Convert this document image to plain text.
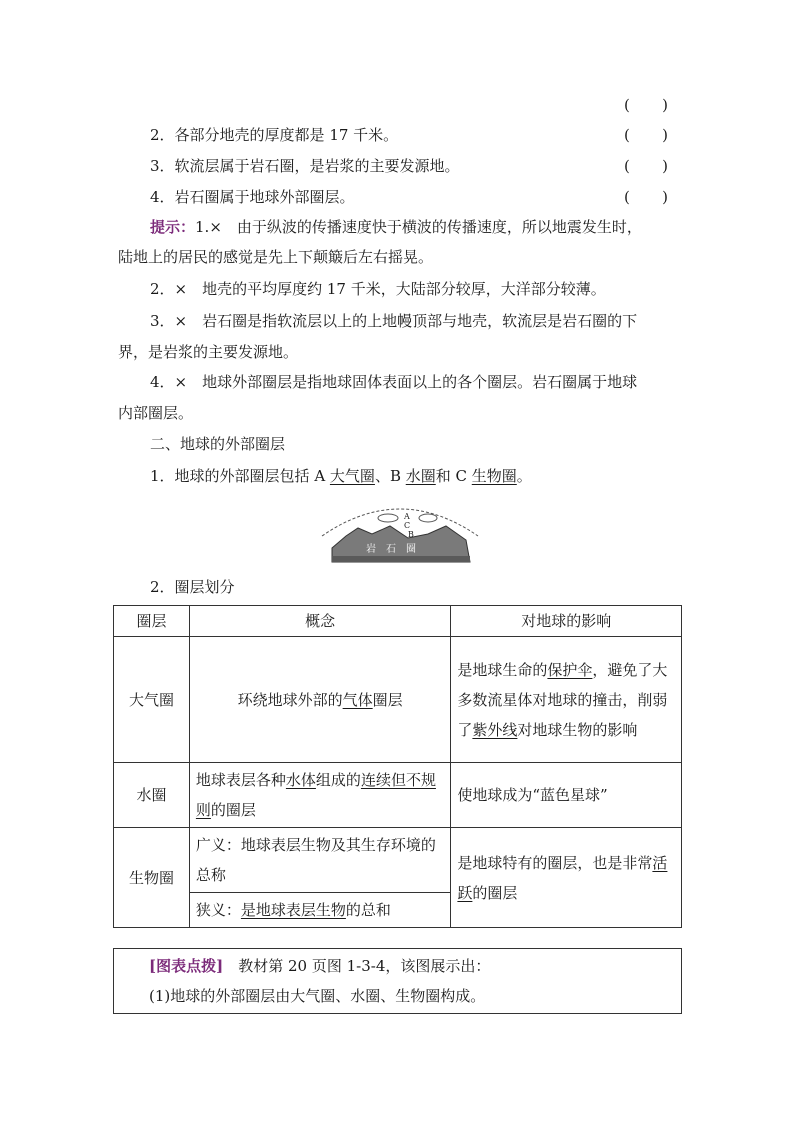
( )
2．各部分地壳的厚度都是 17 千米。	( )
3．软流层属于岩石圈，是岩浆的主要发源地。	( )
4．岩石圈属于地球外部圈层。	( )
提示：1.×　由于纵波的传播速度快于横波的传播速度，所以地震发生时，
陆地上的居民的感觉是先上下颠簸后左右摇晃。
2．×　地壳的平均厚度约 17 千米，大陆部分较厚，大洋部分较薄。
3．×　岩石圈是指软流层以上的上地幔顶部与地壳，软流层是岩石圈的下
界，是岩浆的主要发源地。
4．×　地球外部圈层是指地球固体表面以上的各个圈层。岩石圈属于地球
内部圈层。
二、地球的外部圈层
1．地球的外部圈层包括 A 大气圈、B 水圈和 C 生物圈。
A
C
B
岩　石　圈
2．圈层划分
圈层	概念	对地球的影响
大气圈	环绕地球外部的气体圈层	是地球生命的保护伞，避免了大多数流星体对地球的撞击，削弱了紫外线对地球生物的影响
水圈	地球表层各种水体组成的连续但不规则的圈层	使地球成为“蓝色星球”
生物圈	广义：地球表层生物及其生存环境的总称	是地球特有的圈层，也是非常活跃的圈层
	狭义：是地球表层生物的总和	
[图表点拨]　教材第 20 页图 1-3-4，该图展示出：
(1)地球的外部圈层由大气圈、水圈、生物圈构成。
